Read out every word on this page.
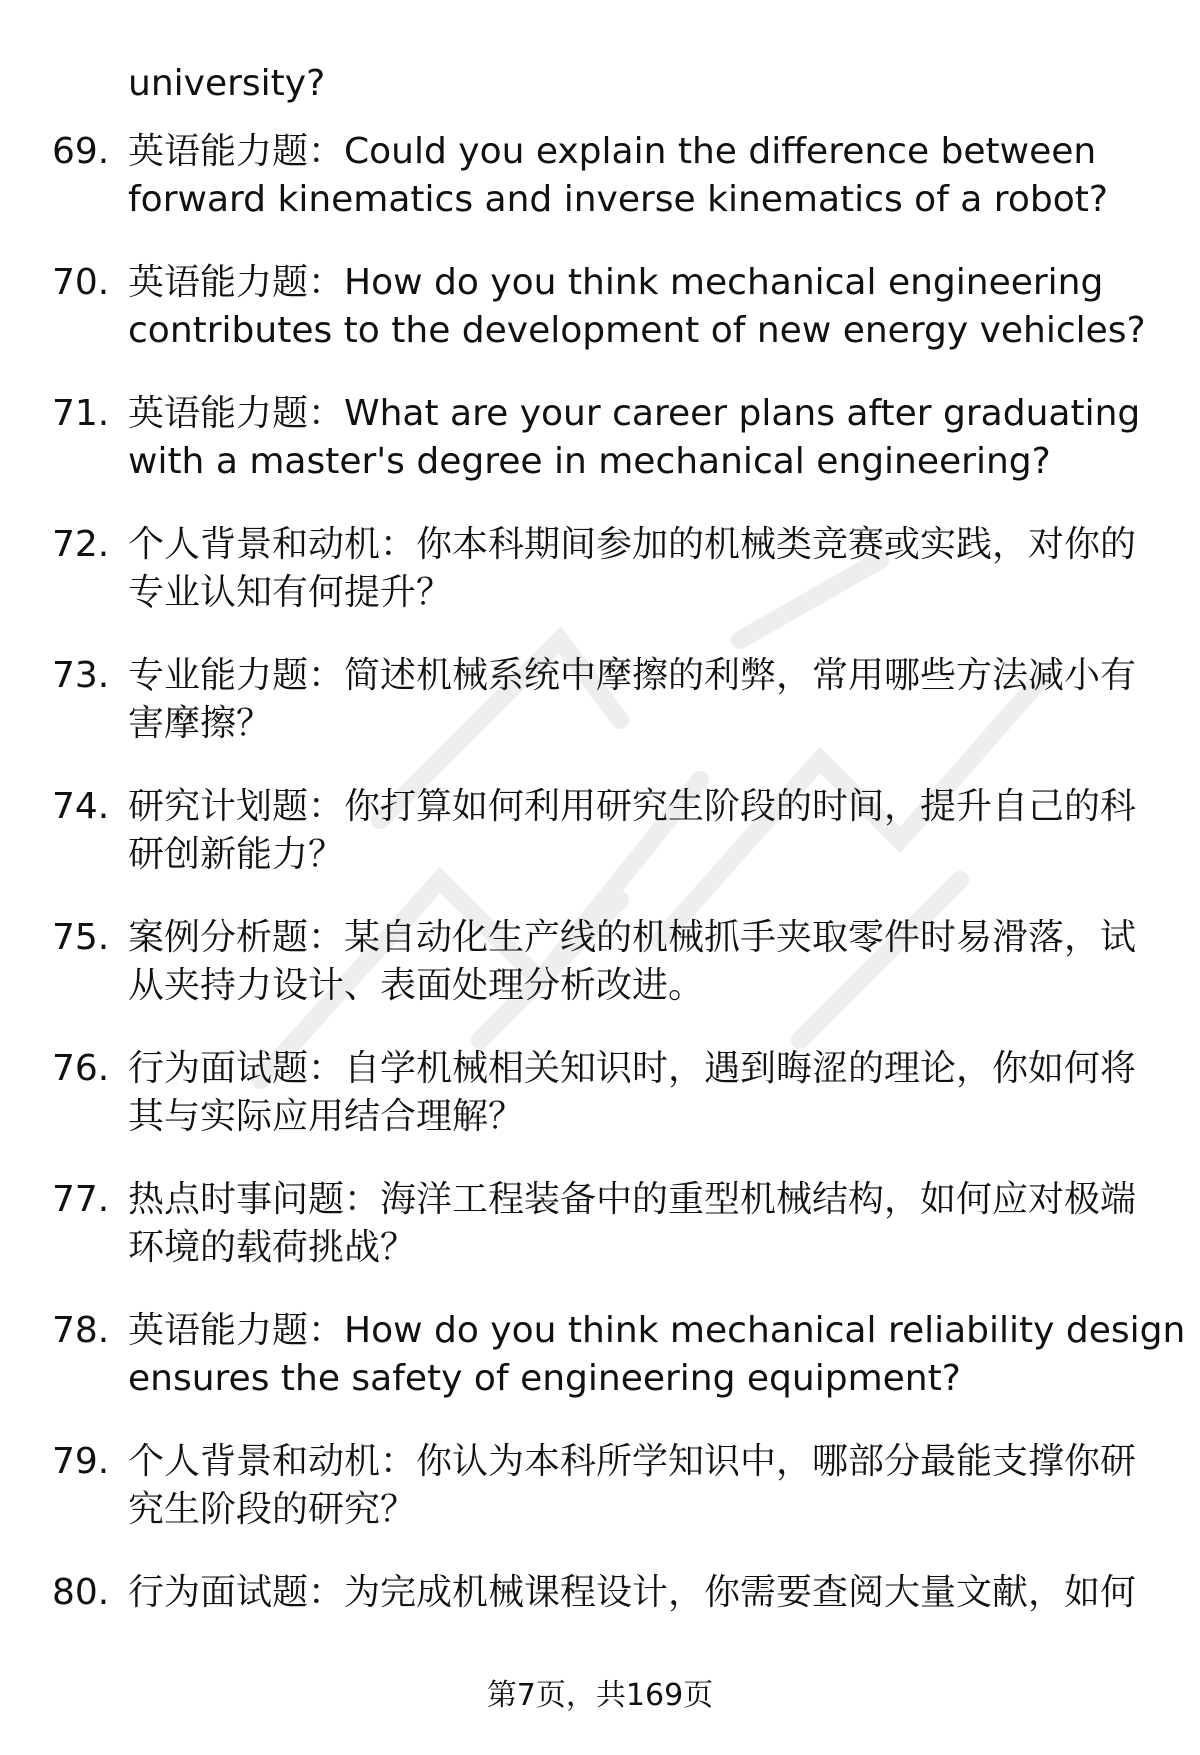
university?
69. 英语能力题：Could you explain the difference between
forward kinematics and inverse kinematics of a robot?
70. 英语能力题：How do you think mechanical engineering
contributes to the development of new energy vehicles?
71. 英语能力题：What are your career plans after graduating
with a master's degree in mechanical engineering?
72. 个人背景和动机：你本科期间参加的机械类竞赛或实践，对你的
专业认知有何提升？
73. 专业能力题：简述机械系统中摩擦的利弊，常用哪些方法减小有
害摩擦？
74. 研究计划题：你打算如何利用研究生阶段的时间，提升自己的科
研创新能力？
75. 案例分析题：某自动化生产线的机械抓手夹取零件时易滑落，试
从夹持力设计、表面处理分析改进。
76. 行为面试题：自学机械相关知识时，遇到晦涩的理论，你如何将
其与实际应用结合理解？
77. 热点时事问题：海洋工程装备中的重型机械结构，如何应对极端
环境的载荷挑战？
78. 英语能力题：How do you think mechanical reliability design
ensures the safety of engineering equipment?
79. 个人背景和动机：你认为本科所学知识中，哪部分最能支撑你研
究生阶段的研究？
80. 行为面试题：为完成机械课程设计，你需要查阅大量文献，如何
第7页，共169页
